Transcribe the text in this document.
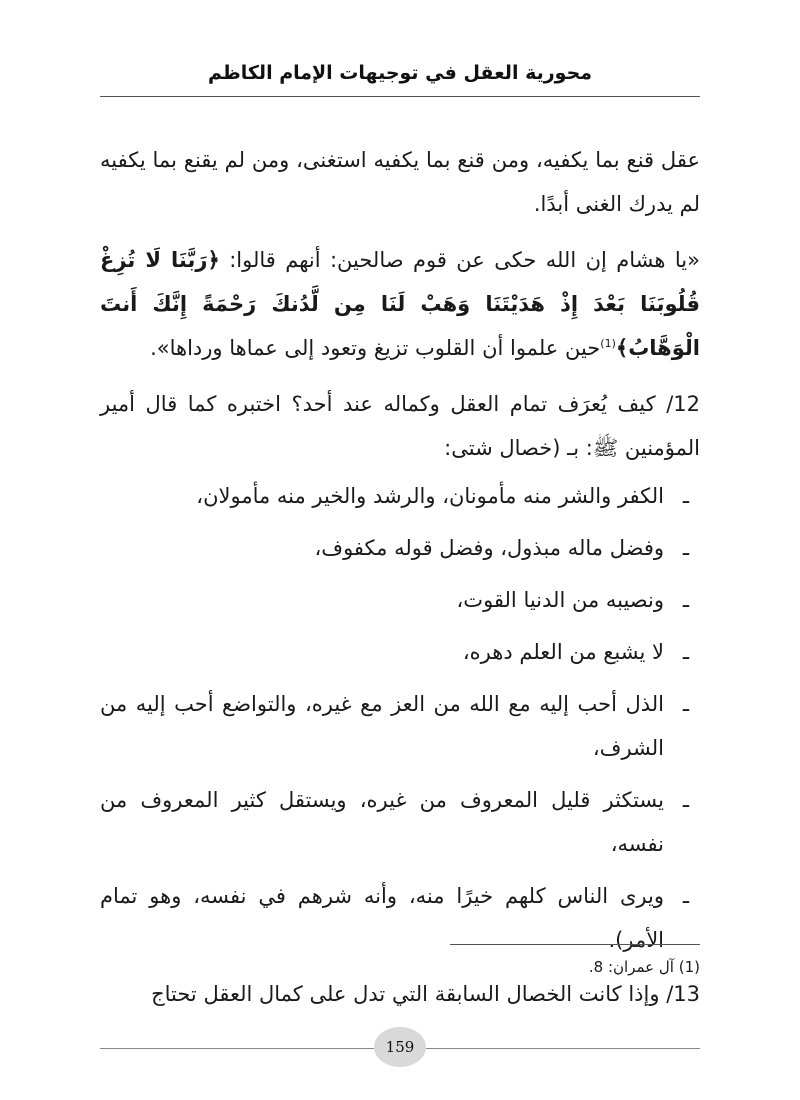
محورية العقل في توجيهات الإمام الكاظم

عقل قنع بما يكفيه، ومن قنع بما يكفيه استغنى، ومن لم يقنع بما يكفيه لم يدرك الغنى أبدًا.

«يا هشام إن الله حكى عن قوم صالحين: أنهم قالوا: ﴿رَبَّنَا لَا تُزِغْ قُلُوبَنَا بَعْدَ إِذْ هَدَيْتَنَا وَهَبْ لَنَا مِن لَّدُنكَ رَحْمَةً إِنَّكَ أَنتَ الْوَهَّابُ﴾$^{(1)}$حين علموا أن القلوب تزيغ وتعود إلى عماها ورداها».

12/ كيف يُعرَف تمام العقل وكماله عند أحد؟ اختبره كما قال أمير المؤمنين ﷺ: بـ (خصال شتى:

ـ
الكفر والشر منه مأمونان، والرشد والخير منه مأمولان،
ـ
وفضل ماله مبذول، وفضل قوله مكفوف،
ـ
ونصيبه من الدنيا القوت،
ـ
لا يشبع من العلم دهره،
ـ
الذل أحب إليه مع الله من العز مع غيره، والتواضع أحب إليه من الشرف،
ـ
يستكثر قليل المعروف من غيره، ويستقل كثير المعروف من نفسه،
ـ
ويرى الناس كلهم خيرًا منه، وأنه شرهم في نفسه، وهو تمام الأمر).

13/ وإذا كانت الخصال السابقة التي تدل على كمال العقل تحتاج

(1) آل عمران: 8.
159
